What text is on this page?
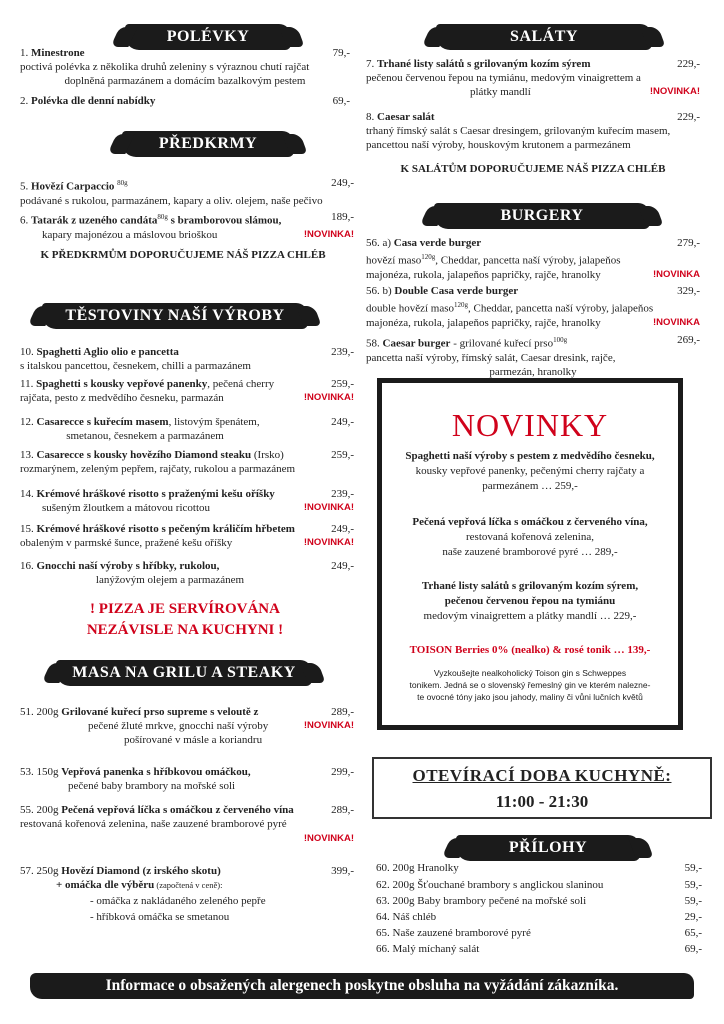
POLÉVKY
1. Minestrone	79,-
poctivá polévka z několika druhů zeleniny s výraznou chutí rajčat
doplněná parmazánem a domácím bazalkovým pestem
2. Polévka dle denní nabídky	69,-
PŘEDKRMY
5. Hovězí Carpaccio $^{80g}$	249,-
podávané s rukolou, parmazánem, kapary a oliv. olejem, naše pečivo
6. Tatarák z uzeného candáta$^{80g}$ s bramborovou slámou,	189,-
kapary majonézou a máslovou brioškou	!NOVINKA!
K PŘEDKRMŮM DOPORUČUJEME NÁŠ PIZZA CHLÉB
TĚSTOVINY NAŠÍ VÝROBY
10. Spaghetti Aglio olio e pancetta	239,-
s italskou pancettou, česnekem, chilli a parmazánem
11. Spaghetti s kousky vepřové panenky, pečená cherry	259,-
rajčata, pesto z medvědího česneku, parmazán	!NOVINKA!
12. Casarecce s kuřecím masem, listovým špenátem,	249,-
smetanou, česnekem a parmazánem
13. Casarecce s kousky hovězího Diamond steaku (Irsko)	259,-
rozmarýnem, zeleným pepřem, rajčaty, rukolou a parmazánem
14. Krémové hráškové risotto s praženými kešu oříšky	239,-
sušeným žloutkem a mátovou ricottou	!NOVINKA!
15. Krémové hráškové risotto s pečeným králičím hřbetem	249,-
obaleným v parmské šunce, pražené kešu oříšky	!NOVINKA!
16. Gnocchi naší výroby s hříbky, rukolou,	249,-
lanýžovým olejem a parmazánem
! PIZZA JE SERVÍROVÁNA
NEZÁVISLE NA KUCHYNI !
MASA NA GRILU A STEAKY
51. 200g Grilované kuřecí prso supreme s veloutě z	289,-
pečené žluté mrkve, gnocchi naší výroby	!NOVINKA!
pošírované v másle a koriandru
53. 150g Vepřová panenka s hříbkovou omáčkou,	299,-
pečené baby brambory na mořské soli
55. 200g Pečená vepřová líčka s omáčkou z červeného vína	289,-
restovaná kořenová zelenina, naše zauzené bramborové pyré
!NOVINKA!
57. 250g Hovězí Diamond (z irského skotu)	399,-
+ omáčka dle výběru (započtená v ceně):
- omáčka z nakládaného zeleného pepře
- hříbková omáčka se smetanou
SALÁTY
7. Trhané listy salátů s grilovaným kozím sýrem	229,-
pečenou červenou řepou na tymiánu, medovým vinaigrettem a
plátky mandlí	!NOVINKA!
8. Caesar salát	229,-
trhaný římský salát s Caesar dresingem, grilovaným kuřecím masem,
pancettou naší výroby, houskovým krutonem a parmezánem
K SALÁTŮM DOPORUČUJEME NÁŠ PIZZA CHLÉB
BURGERY
56. a) Casa verde burger	279,-
hovězí maso$^{120g}$, Cheddar, pancetta naší výroby, jalapeňos
majonéza, rukola, jalapeňos papričky, rajče, hranolky	!NOVINKA
56. b) Double Casa verde burger	329,-
double hovězí maso$^{120g}$, Cheddar, pancetta naší výroby, jalapeňos
majonéza, rukola, jalapeňos papričky, rajče, hranolky	!NOVINKA
58. Caesar burger - grilované kuřecí prso$^{100g}$	269,-
pancetta naší výroby, římský salát, Caesar dresink, rajče,
parmezán, hranolky
NOVINKY
Spaghetti naší výroby s pestem z medvědího česneku,
kousky vepřové panenky, pečenými cherry rajčaty a
parmezánem … 259,-
Pečená vepřová líčka s omáčkou z červeného vína,
restovaná kořenová zelenina,
naše zauzené bramborové pyré … 289,-
Trhané listy salátů s grilovaným kozím sýrem,
pečenou červenou řepou na tymiánu
medovým vinaigrettem a plátky mandlí … 229,-
TOISON Berries 0% (nealko) & rosé tonik … 139,-
Vyzkoušejte nealkoholický Toison gin s Schweppes
tonikem. Jedná se o slovenský řemeslný gin ve kterém nalezne-
te ovocné tóny jako jsou jahody, maliny či vůni lučních květů
OTEVÍRACÍ DOBA KUCHYNĚ:
11:00 - 21:30
PŘÍLOHY
60. 200g Hranolky	59,-
62. 200g Šťouchané brambory s anglickou slaninou	59,-
63. 200g Baby brambory pečené na mořské soli	59,-
64. Náš chléb	29,-
65. Naše zauzené bramborové pyré	65,-
66. Malý míchaný salát	69,-
Informace o obsažených alergenech poskytne obsluha na vyžádání zákazníka.
